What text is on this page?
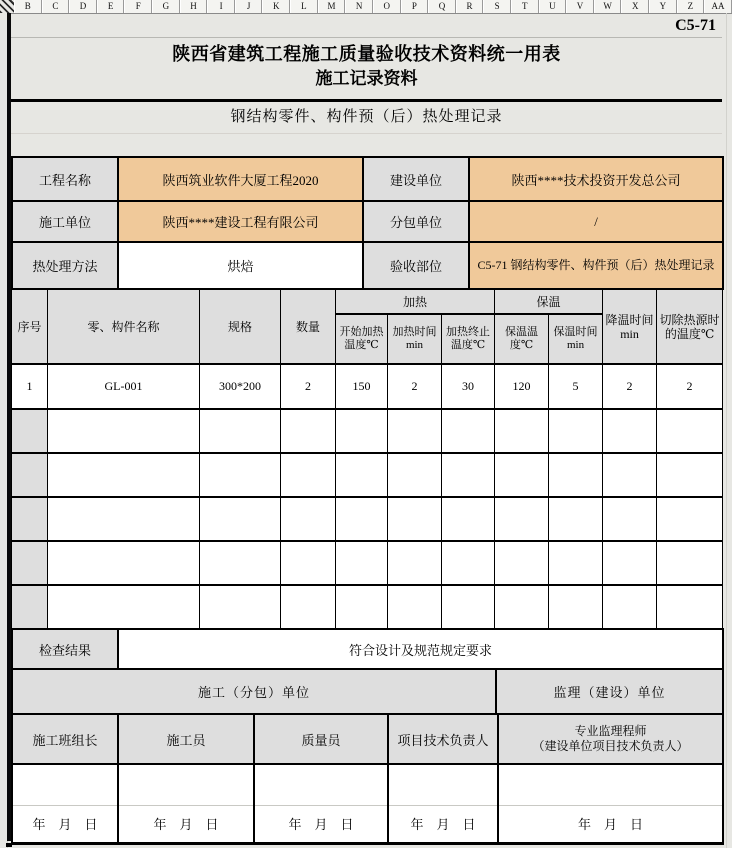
B	C	D	E	F	G	H	I	J	K	L	M	N	O	P	Q	R	S	T	U	V	W	X	Y	Z	AA
C5-71
陕西省建筑工程施工质量验收技术资料统一用表
施工记录资料
钢结构零件、构件预（后）热处理记录
工程名称	陕西筑业软件大厦工程2020	建设单位	陕西****技术投资开发总公司
施工单位	陕西****建设工程有限公司	分包单位	/
热处理方法	烘焙	验收部位	C5-71 钢结构零件、构件预（后）热处理记录
序号	零、构件名称	规格	数量	加热			保温		降温时间min	切除热源时的温度℃
				开始加热温度℃	加热时间min	加热终止温度℃	保温温度℃	保温时间min		
1	GL-001	300*200	2	150	2	30	120	5	2	2

检查结果	符合设计及规范规定要求
施工（分包）单位	监理（建设）单位
施工班组长	施工员	质量员	项目技术负责人	专业监理程师
（建设单位项目技术负责人）

年　月　日	年　月　日	年　月　日	年　月　日	年　月　日
